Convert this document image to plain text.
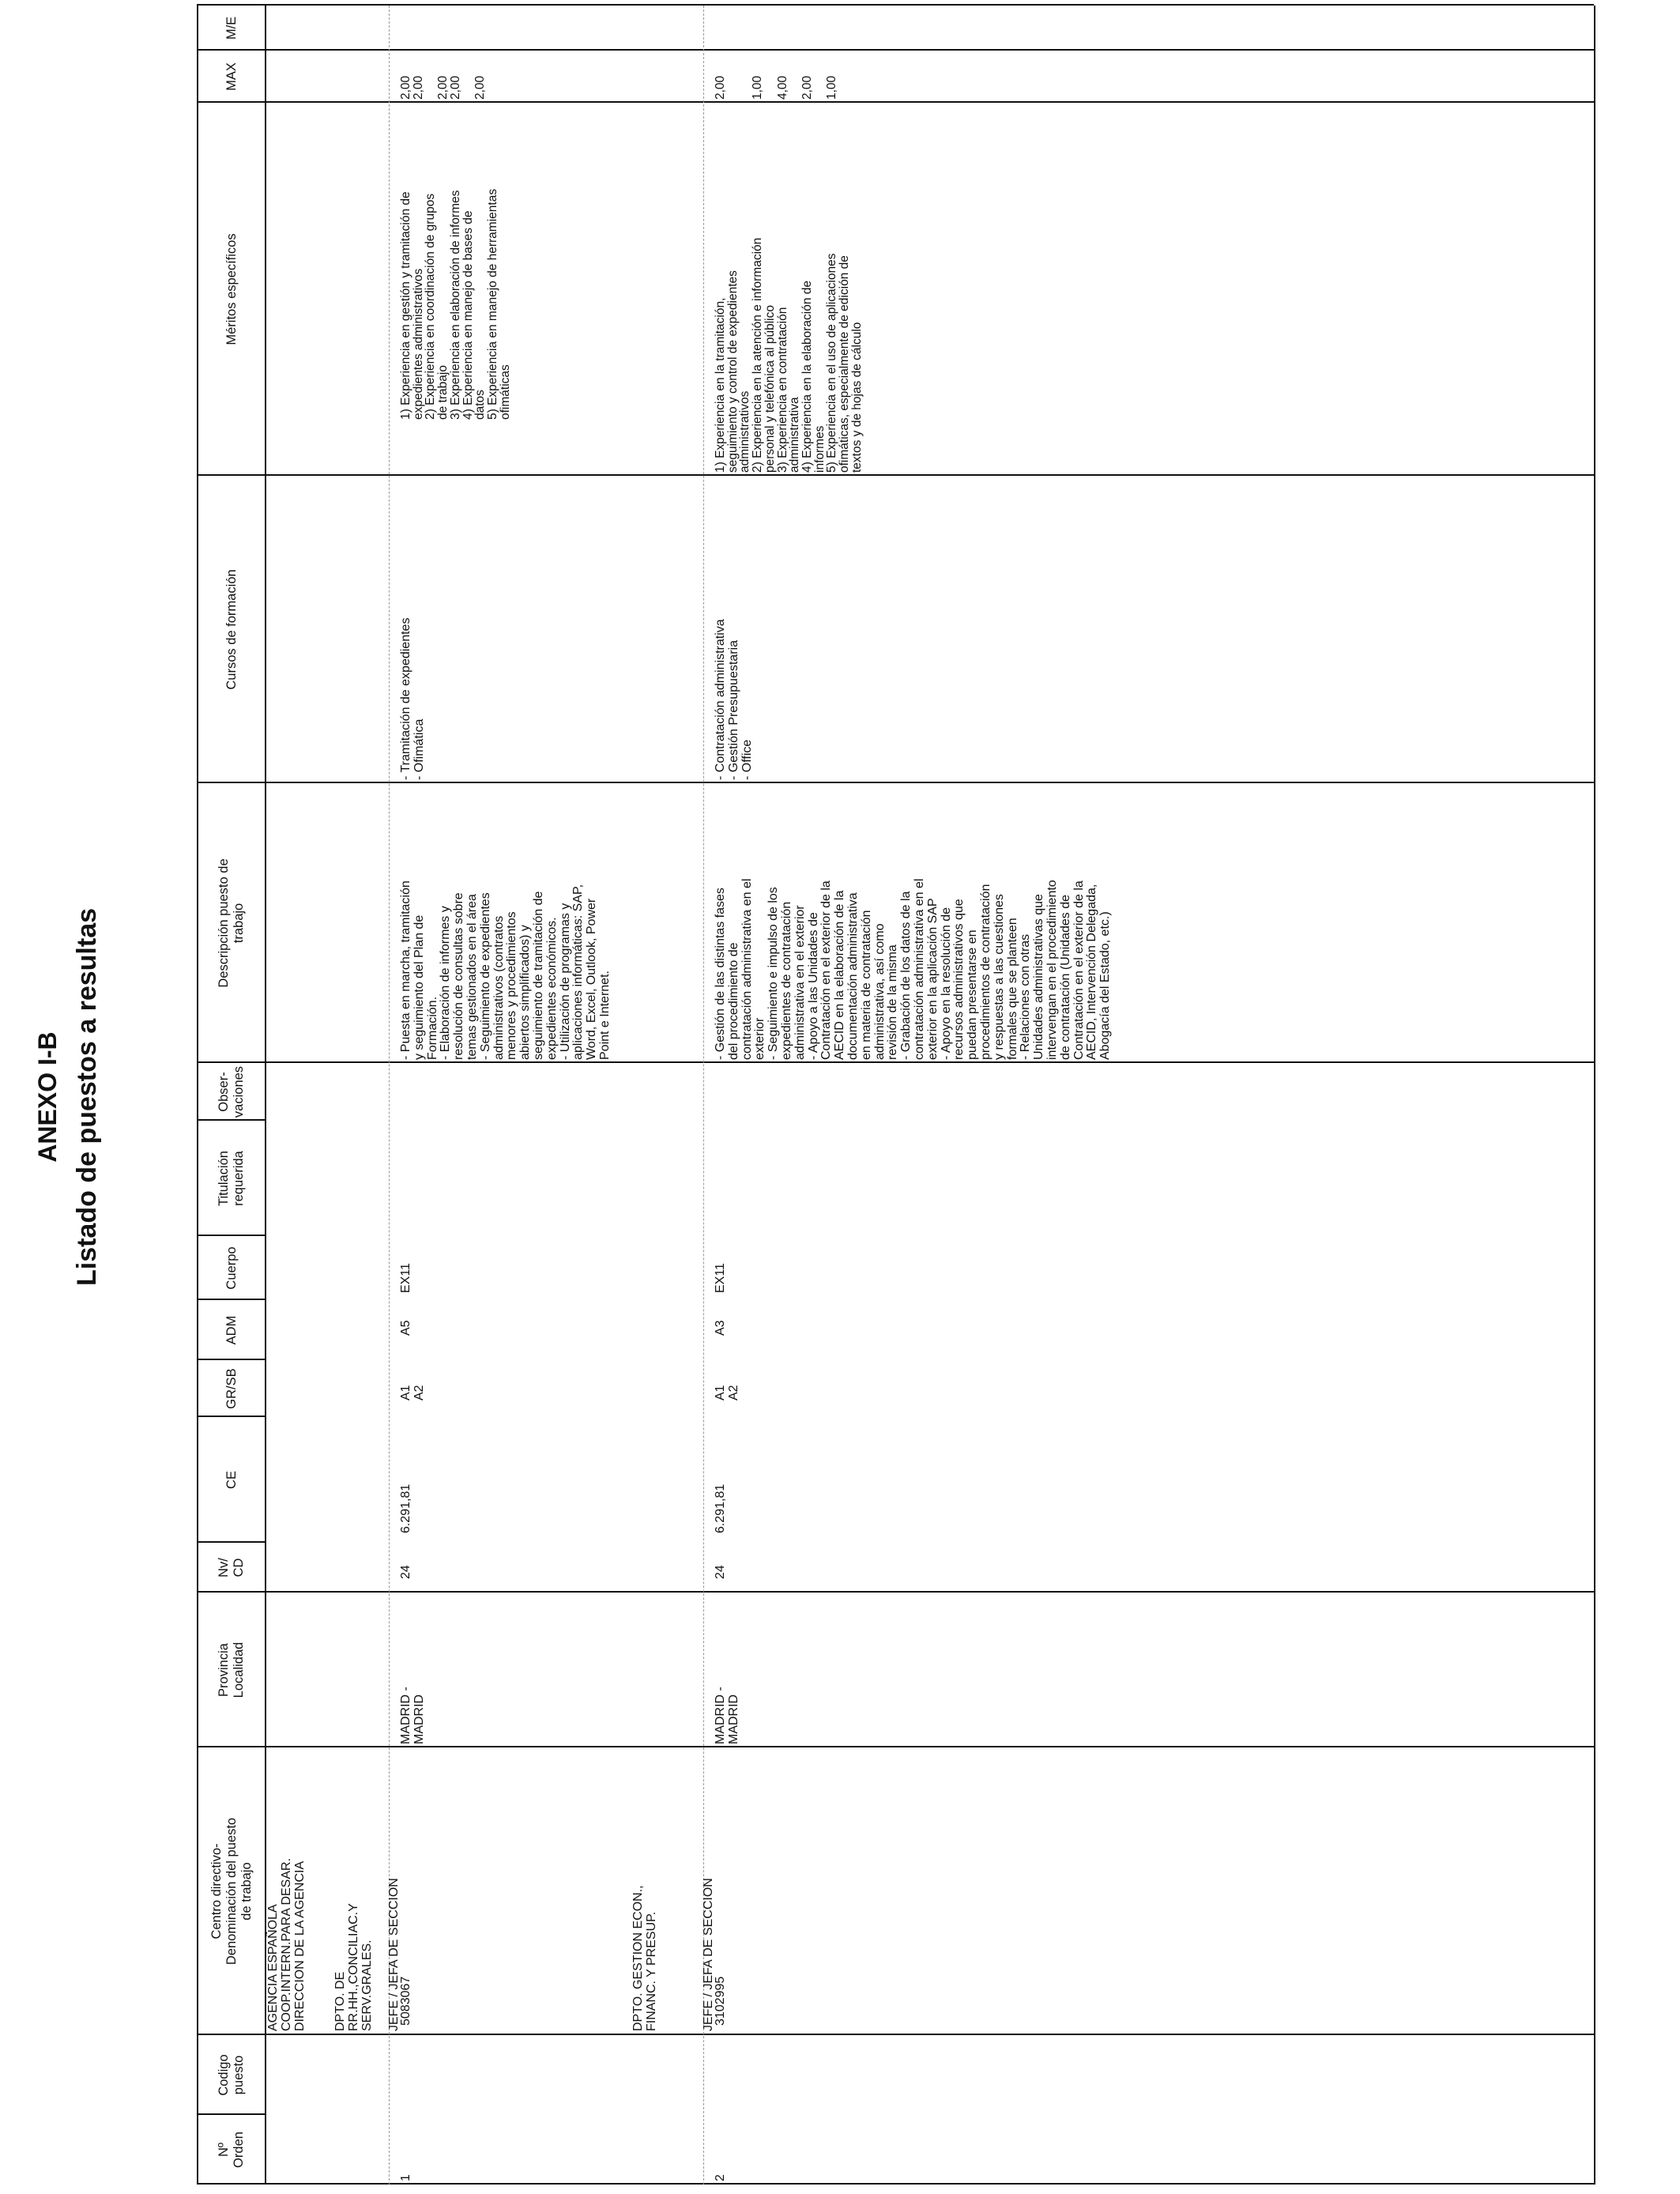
ANEXO I-B Listado de puestos a resultas
Nº
Orden
Codigo
puesto
Centro directivo-
Denominación del puesto
de trabajo
Provincia
Localidad
Nv/
CD
CE
GR/SB
ADM
Cuerpo
Titulación
requerida
Obser-
vaciones
Descripción puesto de
trabajo
Cursos de formación
Méritos específicos
MAX
M/E
AGENCIA ESPAÑOLA
COOP.INTERN.PARA DESAR.
DIRECCION DE LA AGENCIA
DPTO. DE
RR.HH.,CONCILIAC.Y
SERV.GRALES.	DPTO. GESTION ECON.,
FINANC. Y PRESUP.
1
5083067
JEFE / JEFA DE SECCION
MADRID -
MADRID
24
6.291,81
A1
A2
A5
EX11
- Puesta en marcha, tramitación
y seguimiento del Plan de
Formación.
- Elaboración de informes y
resolución de consultas sobre
temas gestionados en el área
- Seguimiento de expedientes
administrativos (contratos
menores y procedimientos
abiertos simplificados) y
seguimiento de tramitación de
expedientes económicos.
- Utilización de programas y
aplicaciones informáticas: SAP,
Word, Excel, Outlook, Power
Point e Internet.
- Tramitación de expedientes
- Ofimática
1) Experiencia en gestión y tramitación de
expedientes administrativos
2) Experiencia en coordinación de grupos
de trabajo
3) Experiencia en elaboración de informes
4) Experiencia en manejo de bases de
datos
5) Experiencia en manejo de herramientas
ofimáticas
2,00
2,00

2,00
2,00

2,00
2
3102995
JEFE / JEFA DE SECCION
MADRID -
MADRID
24
6.291,81
A1
A2
A3
EX11
- Gestión de las distintas fases
del procedimiento de
contratación administrativa en el
exterior
- Seguimiento e impulso de los
expedientes de contratación
administrativa en el exterior
- Apoyo a las Unidades de
Contratación en el exterior de la
AECID en la elaboración de la
documentación administrativa
en materia de contratación
administrativa, así como
revisión de la misma
- Grabación de los datos de la
contratación administrativa en el
exterior en la aplicación SAP
- Apoyo en la resolución de
recursos administrativos que
puedan presentarse en
procedimientos de contratación
y respuestas a las cuestiones
formales que se planteen
- Relaciones con otras
Unidades administrativas que
intervengan en el procedimiento
de contratación (Unidades de
Contratación en el exterior de la
AECID, Intervención Delegada,
Abogacía del Estado, etc.)
- Contratación administrativa
- Gestión Presupuestaria
- Office
1) Experiencia en la tramitación,
seguimiento y control de expedientes
administrativos
2) Experiencia en la atención e información
personal y telefónica al público
3) Experiencia en contratación
administrativa
4) Experiencia en la elaboración de
informes
5) Experiencia en el uso de aplicaciones
ofimáticas, especialmente de edición de
textos y de hojas de cálculo
2,00

1,00

4,00

2,00

1,00
